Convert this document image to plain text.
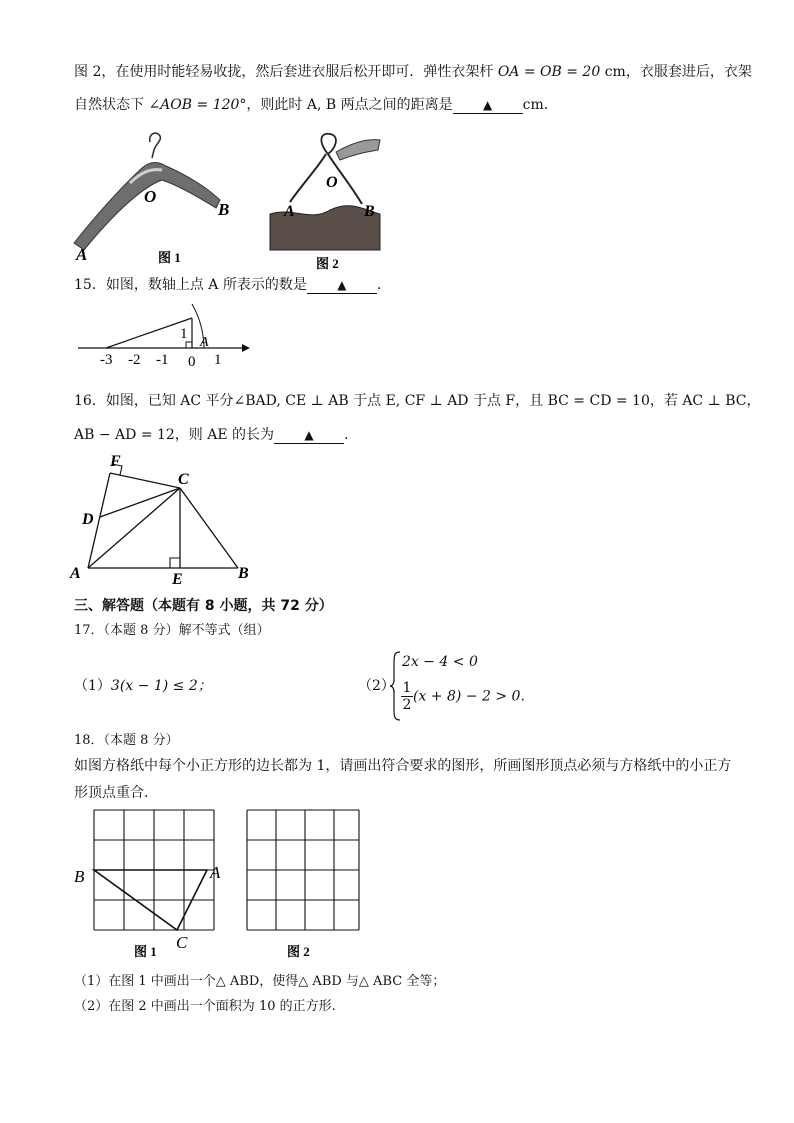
图 2，在使用时能轻易收拢，然后套进衣服后松开即可．弹性衣架杆 OA = OB = 20 cm，衣服套进后，衣架
自然状态下 ∠AOB = 120°，则此时 A, B 两点之间的距离是	▲ cm．
O
B
A	图 1
O
A	B
图 2
15．如图，数轴上点 A 所表示的数是	▲ .
1
A
-3 -2 -1 0 1
16．如图，已知 AC 平分∠BAD, CE ⊥ AB 于点 E, CF ⊥ AD 于点 F，且 BC = CD = 10，若 AC ⊥ BC，
AB − AD = 12，则 AE 的长为	▲ .
F
C
D
A	E	B
三、解答题（本题有 8 小题，共 72 分）
17．（本题 8 分）解不等式（组）
（1）3(x − 1) ≤ 2；	（2）
2x − 4 < 0
$\frac{1}{2} (x + 8) - 2 > 0$.
18．（本题 8 分）
如图方格纸中每个小正方形的边长都为 1，请画出符合要求的图形，所画图形顶点必须与方格纸中的小正方
形顶点重合.
B	A
C
图 1	图 2
（1）在图 1 中画出一个△ ABD，使得△ ABD 与△ ABC 全等；
（2）在图 2 中画出一个面积为 10 的正方形.
